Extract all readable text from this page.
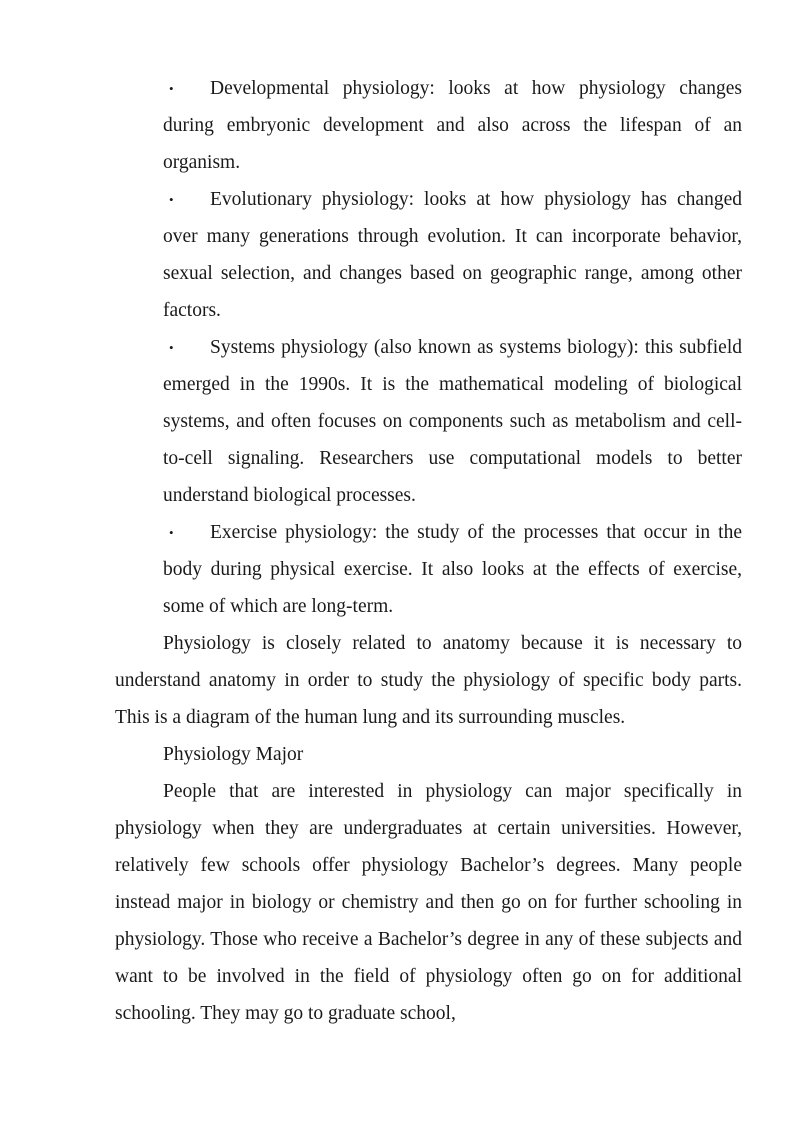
• Developmental physiology: looks at how physiology changes during embryonic development and also across the lifespan of an organism.
• Evolutionary physiology: looks at how physiology has changed over many generations through evolution. It can incorporate behavior, sexual selection, and changes based on geographic range, among other factors.
• Systems physiology (also known as systems biology): this subfield emerged in the 1990s. It is the mathematical modeling of biological systems, and often focuses on components such as metabolism and cell-to-cell signaling. Researchers use computational models to better understand biological processes.
• Exercise physiology: the study of the processes that occur in the body during physical exercise. It also looks at the effects of exercise, some of which are long-term.

Physiology is closely related to anatomy because it is necessary to understand anatomy in order to study the physiology of specific body parts. This is a diagram of the human lung and its surrounding muscles.

Physiology Major

People that are interested in physiology can major specifically in physiology when they are undergraduates at certain universities. However, relatively few schools offer physiology Bachelor’s degrees. Many people instead major in biology or chemistry and then go on for further schooling in physiology. Those who receive a Bachelor’s degree in any of these subjects and want to be involved in the field of physiology often go on for additional schooling. They may go to graduate school,
